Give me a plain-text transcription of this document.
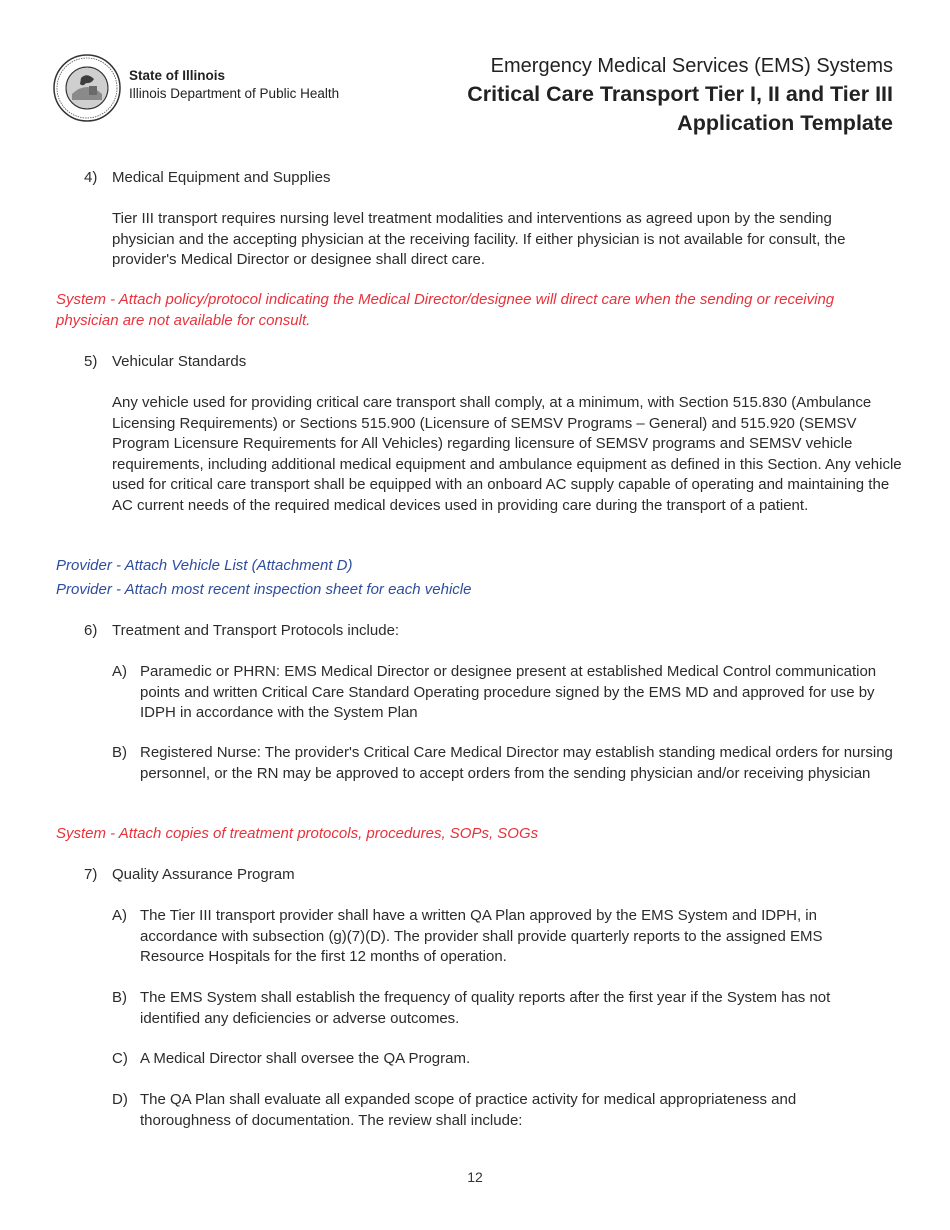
State of Illinois
Illinois Department of Public Health
Emergency Medical Services (EMS) Systems
Critical Care Transport Tier I, II and Tier III
Application Template
4) Medical Equipment and Supplies
Tier III transport requires nursing level treatment modalities and interventions as agreed upon by the sending physician and the accepting physician at the receiving facility. If either physician is not available for consult, the provider's Medical Director or designee shall direct care.
System - Attach policy/protocol indicating the Medical Director/designee will direct care when the sending or receiving physician are not available for consult.
5) Vehicular Standards
Any vehicle used for providing critical care transport shall comply, at a minimum, with Section 515.830 (Ambulance Licensing Requirements) or Sections 515.900 (Licensure of SEMSV Programs – General) and 515.920 (SEMSV Program Licensure Requirements for All Vehicles) regarding licensure of SEMSV programs and SEMSV vehicle requirements, including additional medical equipment and ambulance equipment as defined in this Section. Any vehicle used for critical care transport shall be equipped with an onboard AC supply capable of operating and maintaining the AC current needs of the required medical devices used in providing care during the transport of a patient.
Provider - Attach Vehicle List (Attachment D)
Provider - Attach most recent inspection sheet for each vehicle
6) Treatment and Transport Protocols include:
A) Paramedic or PHRN: EMS Medical Director or designee present at established Medical Control communication points and written Critical Care Standard Operating procedure signed by the EMS MD and approved for use by IDPH in accordance with the System Plan
B) Registered Nurse: The provider's Critical Care Medical Director may establish standing medical orders for nursing personnel, or the RN may be approved to accept orders from the sending physician and/or receiving physician
System - Attach copies of treatment protocols, procedures, SOPs, SOGs
7) Quality Assurance Program
A) The Tier III transport provider shall have a written QA Plan approved by the EMS System and IDPH, in accordance with subsection (g)(7)(D). The provider shall provide quarterly reports to the assigned EMS Resource Hospitals for the first 12 months of operation.
B) The EMS System shall establish the frequency of quality reports after the first year if the System has not identified any deficiencies or adverse outcomes.
C) A Medical Director shall oversee the QA Program.
D) The QA Plan shall evaluate all expanded scope of practice activity for medical appropriateness and thoroughness of documentation. The review shall include:
12
